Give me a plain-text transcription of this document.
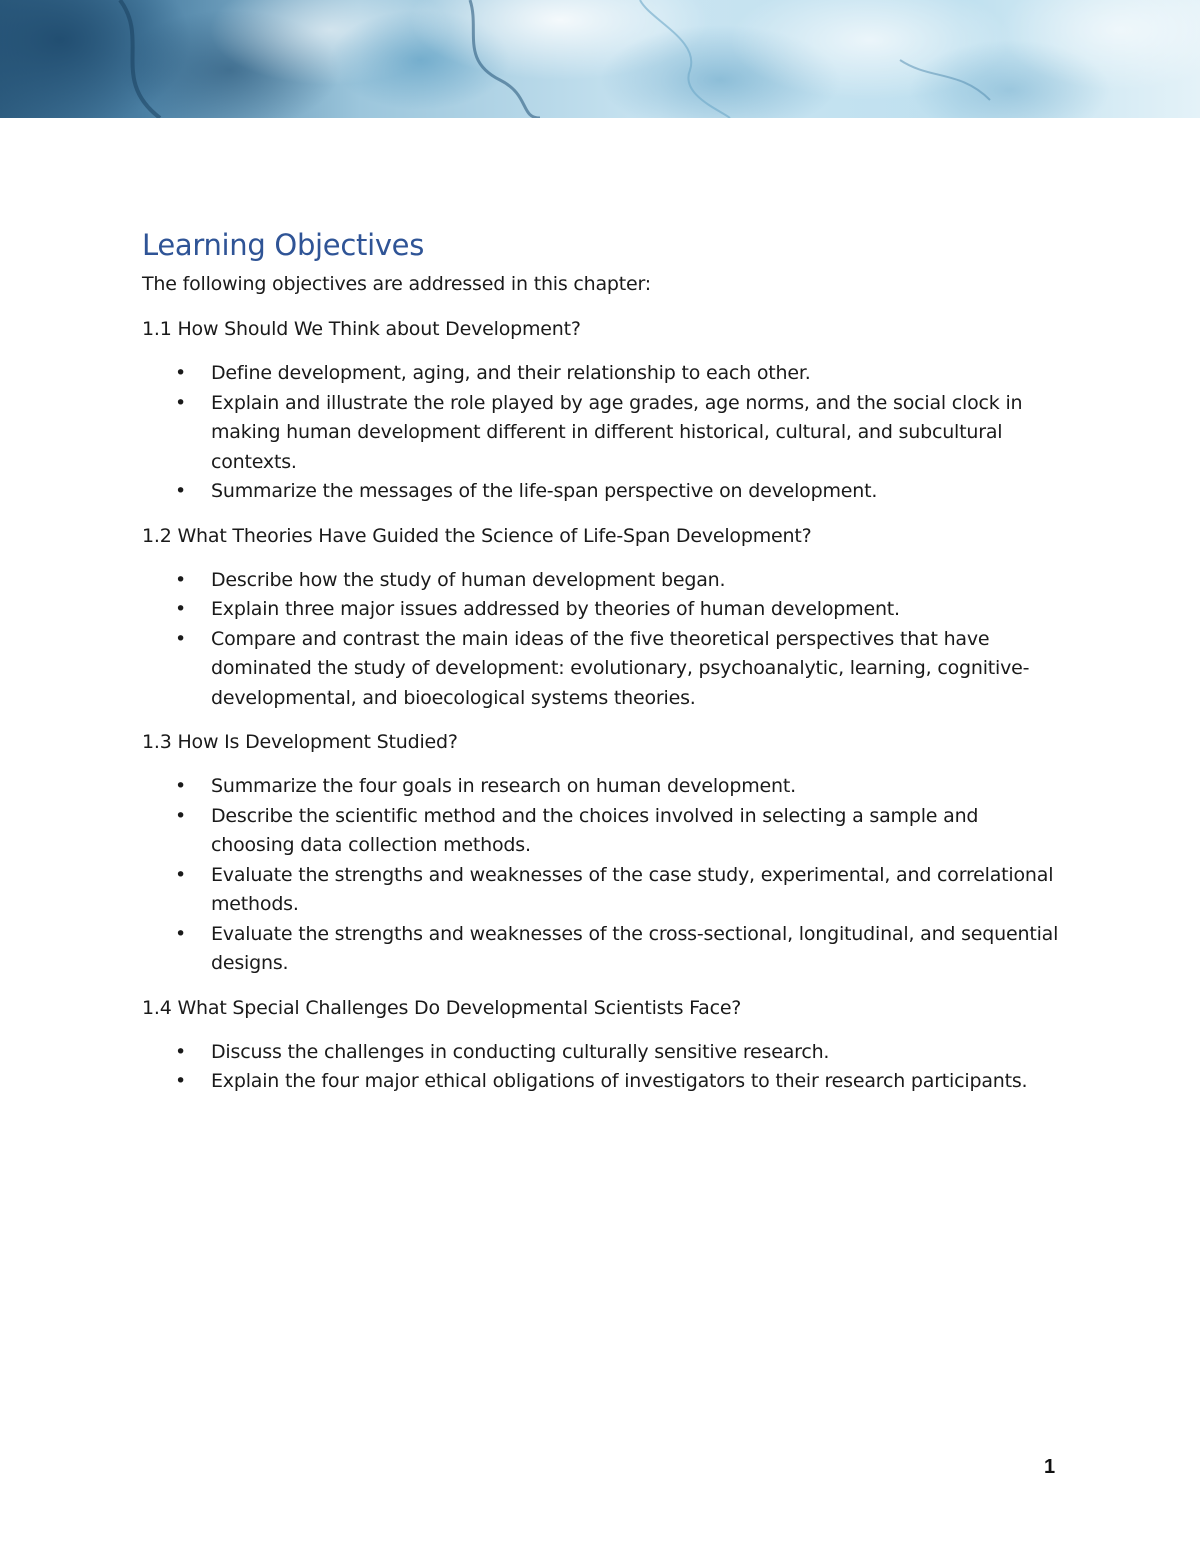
Learning Objectives
The following objectives are addressed in this chapter:
1.1 How Should We Think about Development?
• Define development, aging, and their relationship to each other.
• Explain and illustrate the role played by age grades, age norms, and the social clock in making human development different in different historical, cultural, and subcultural contexts.
• Summarize the messages of the life-span perspective on development.
1.2 What Theories Have Guided the Science of Life-Span Development?
• Describe how the study of human development began.
• Explain three major issues addressed by theories of human development.
• Compare and contrast the main ideas of the five theoretical perspectives that have dominated the study of development: evolutionary, psychoanalytic, learning, cognitive-developmental, and bioecological systems theories.
1.3 How Is Development Studied?
• Summarize the four goals in research on human development.
• Describe the scientific method and the choices involved in selecting a sample and choosing data collection methods.
• Evaluate the strengths and weaknesses of the case study, experimental, and correlational methods.
• Evaluate the strengths and weaknesses of the cross-sectional, longitudinal, and sequential designs.
1.4 What Special Challenges Do Developmental Scientists Face?
• Discuss the challenges in conducting culturally sensitive research.
• Explain the four major ethical obligations of investigators to their research participants.
1
